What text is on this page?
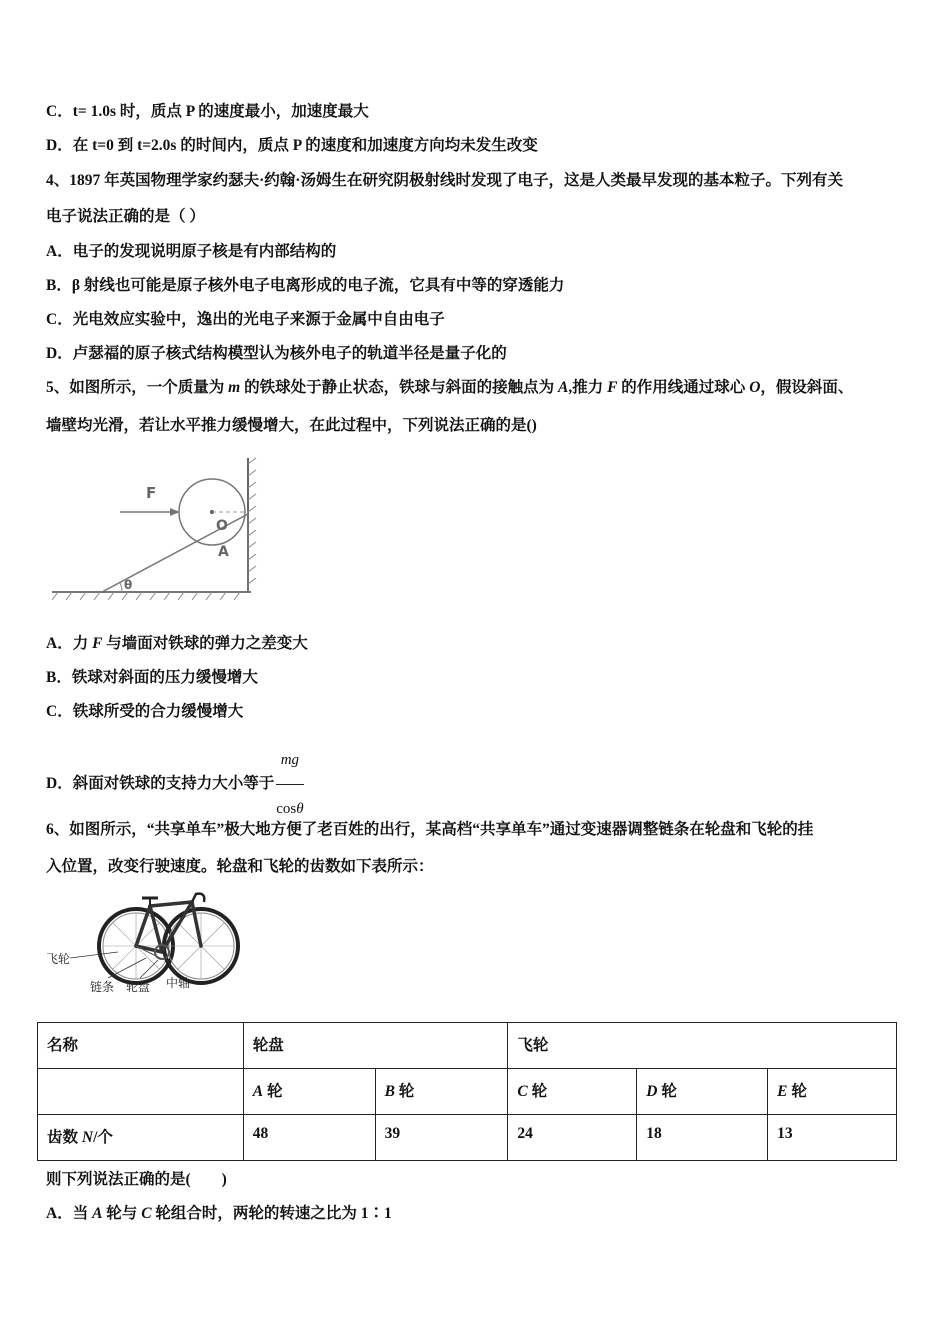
C．t= 1.0s 时，质点 P 的速度最小，加速度最大
D．在 t=0 到 t=2.0s 的时间内，质点 P 的速度和加速度方向均未发生改变
4、1897 年英国物理学家约瑟夫·约翰·汤姆生在研究阴极射线时发现了电子，这是人类最早发现的基本粒子。下列有关
电子说法正确的是（ ）
A．电子的发现说明原子核是有内部结构的
B．β 射线也可能是原子核外电子电离形成的电子流，它具有中等的穿透能力
C．光电效应实验中，逸出的光电子来源于金属中自由电子
D．卢瑟福的原子核式结构模型认为核外电子的轨道半径是量子化的
5、如图所示，一个质量为 m 的铁球处于静止状态，铁球与斜面的接触点为 A,推力 F 的作用线通过球心 O，假设斜面、
墙壁均光滑，若让水平推力缓慢增大，在此过程中，下列说法正确的是()
F
O
A
θ
A．力 F 与墙面对铁球的弹力之差变大
B．铁球对斜面的压力缓慢增大
C．铁球所受的合力缓慢增大
D．斜面对铁球的支持力大小等于 $\frac{mg}{\cos\theta}$
6、如图所示，“共享单车”极大地方便了老百姓的出行，某高档“共享单车”通过变速器调整链条在轮盘和飞轮的挂
入位置，改变行驶速度。轮盘和飞轮的齿数如下表所示：
飞轮
链条 轮盘 中轴
名称	轮盘		飞轮		
	A 轮	B 轮	C 轮	D 轮	E 轮
齿数 N/个	48	39	24	18	13
则下列说法正确的是(　　)
A．当 A 轮与 C 轮组合时，两轮的转速之比为 1∶1
